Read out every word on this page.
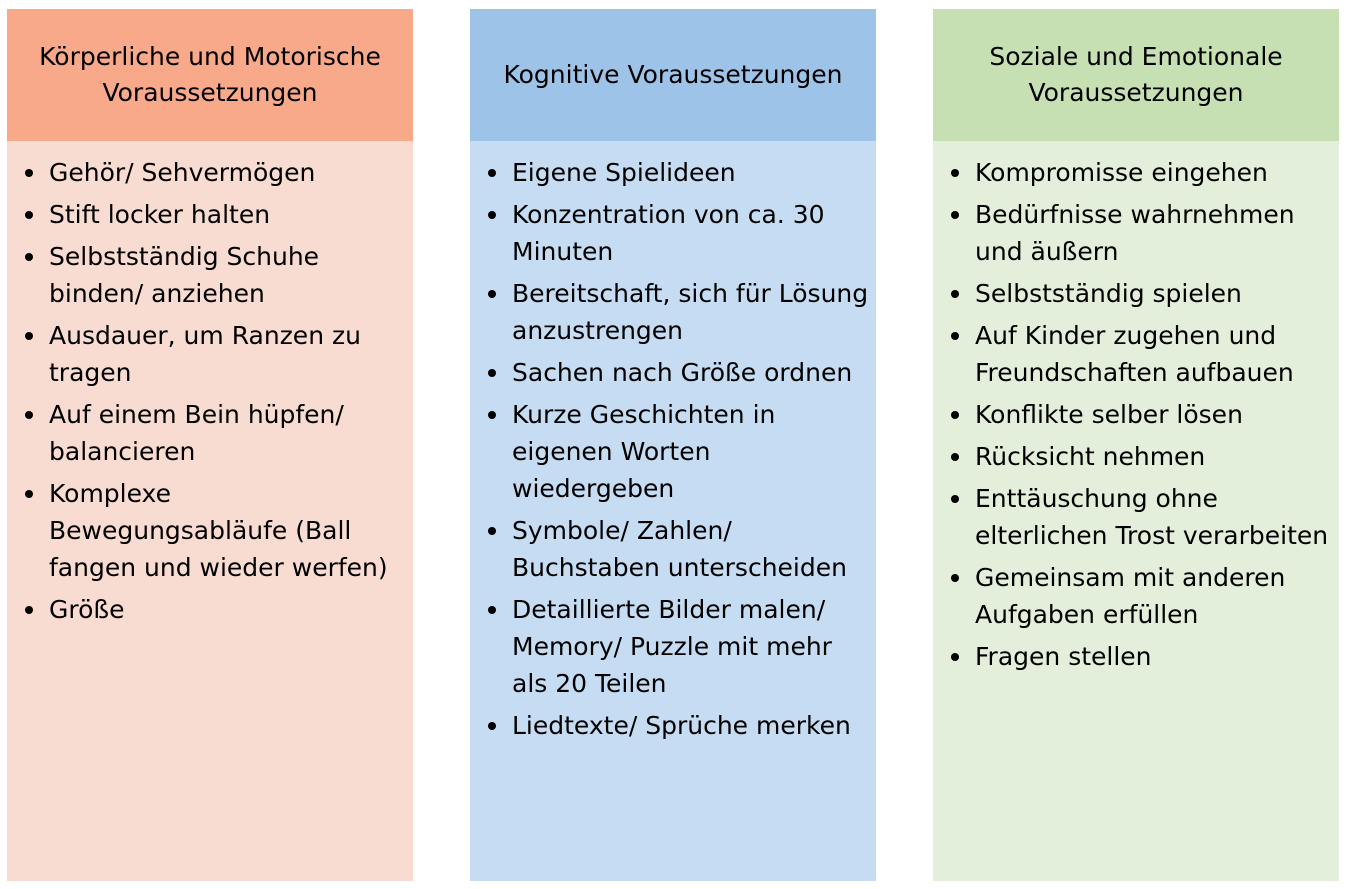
Körperliche und Motorische Voraussetzungen
Gehör/ Sehvermögen
Stift locker halten
Selbstständig Schuhe binden/ anziehen
Ausdauer, um Ranzen zu tragen
Auf einem Bein hüpfen/ balancieren
Komplexe Bewegungsabläufe (Ball fangen und wieder werfen)
Größe
Kognitive Voraussetzungen
Eigene Spielideen
Konzentration von ca. 30 Minuten
Bereitschaft, sich für Lösung anzustrengen
Sachen nach Größe ordnen
Kurze Geschichten in eigenen Worten wiedergeben
Symbole/ Zahlen/ Buchstaben unterscheiden
Detaillierte Bilder malen/ Memory/ Puzzle mit mehr als 20 Teilen
Liedtexte/ Sprüche merken
Soziale und Emotionale Voraussetzungen
Kompromisse eingehen
Bedürfnisse wahrnehmen und äußern
Selbstständig spielen
Auf Kinder zugehen und Freundschaften aufbauen
Konflikte selber lösen
Rücksicht nehmen
Enttäuschung ohne elterlichen Trost verarbeiten
Gemeinsam mit anderen Aufgaben erfüllen
Fragen stellen
